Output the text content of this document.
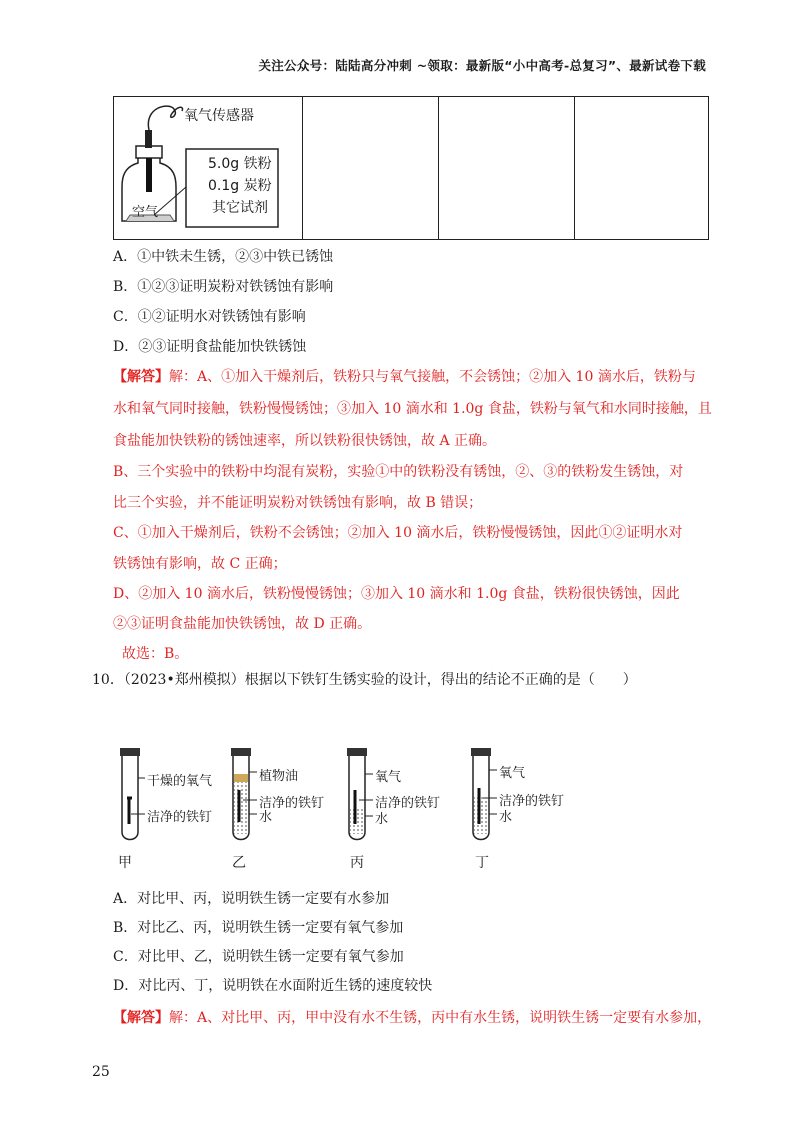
关注公众号：陆陆高分冲刺 ~领取：最新版“小中高考-总复习”、最新试卷下载
氧气传感器
5.0g 铁粉
0.1g 炭粉
其它试剂
空气
A．①中铁未生锈，②③中铁已锈蚀
B．①②③证明炭粉对铁锈蚀有影响
C．①②证明水对铁锈蚀有影响
D．②③证明食盐能加快铁锈蚀
【解答】解：A、①加入干燥剂后，铁粉只与氧气接触，不会锈蚀；②加入 10 滴水后，铁粉与
水和氧气同时接触，铁粉慢慢锈蚀；③加入 10 滴水和 1.0g 食盐，铁粉与氧气和水同时接触，且
食盐能加快铁粉的锈蚀速率，所以铁粉很快锈蚀，故 A 正确。
B、三个实验中的铁粉中均混有炭粉，实验①中的铁粉没有锈蚀，②、③的铁粉发生锈蚀，对
比三个实验，并不能证明炭粉对铁锈蚀有影响，故 B 错误；
C、①加入干燥剂后，铁粉不会锈蚀；②加入 10 滴水后，铁粉慢慢锈蚀，因此①②证明水对
铁锈蚀有影响，故 C 正确；
D、②加入 10 滴水后，铁粉慢慢锈蚀；③加入 10 滴水和 1.0g 食盐，铁粉很快锈蚀，因此
②③证明食盐能加快铁锈蚀，故 D 正确。
故选：B。
10．（2023•郑州模拟）根据以下铁钉生锈实验的设计，得出的结论不正确的是（　　）
干燥的氧气
洁净的铁钉
甲
植物油
洁净的铁钉
水
乙
氧气
洁净的铁钉
水
丙
氧气
洁净的铁钉
水
丁
A．对比甲、丙，说明铁生锈一定要有水参加
B．对比乙、丙，说明铁生锈一定要有氧气参加
C．对比甲、乙，说明铁生锈一定要有氧气参加
D．对比丙、丁，说明铁在水面附近生锈的速度较快
【解答】解：A、对比甲、丙，甲中没有水不生锈，丙中有水生锈，说明铁生锈一定要有水参加，
25
